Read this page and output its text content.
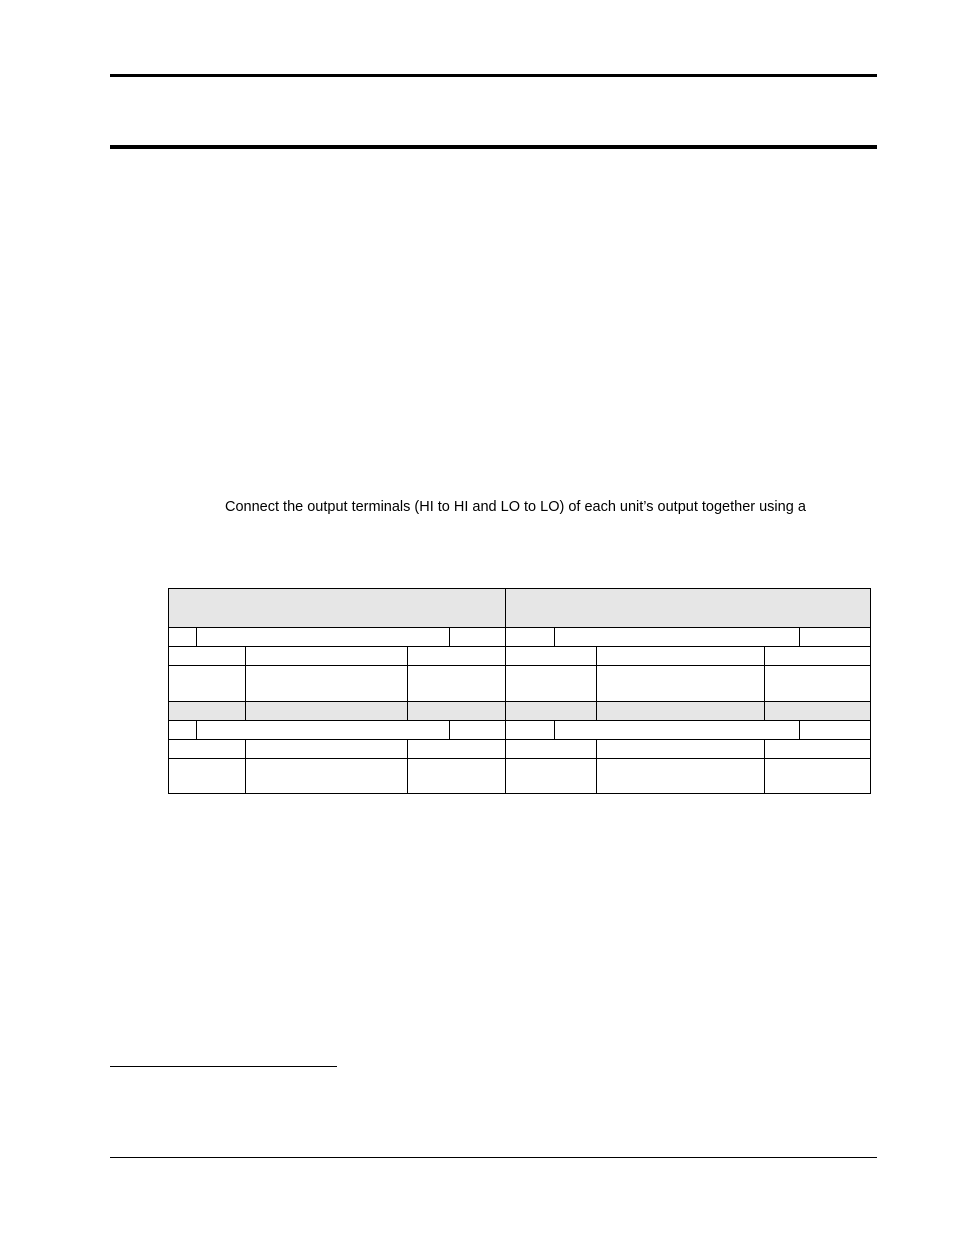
Connect the output terminals (HI to HI and LO to LO) of each unit’s output together using a
